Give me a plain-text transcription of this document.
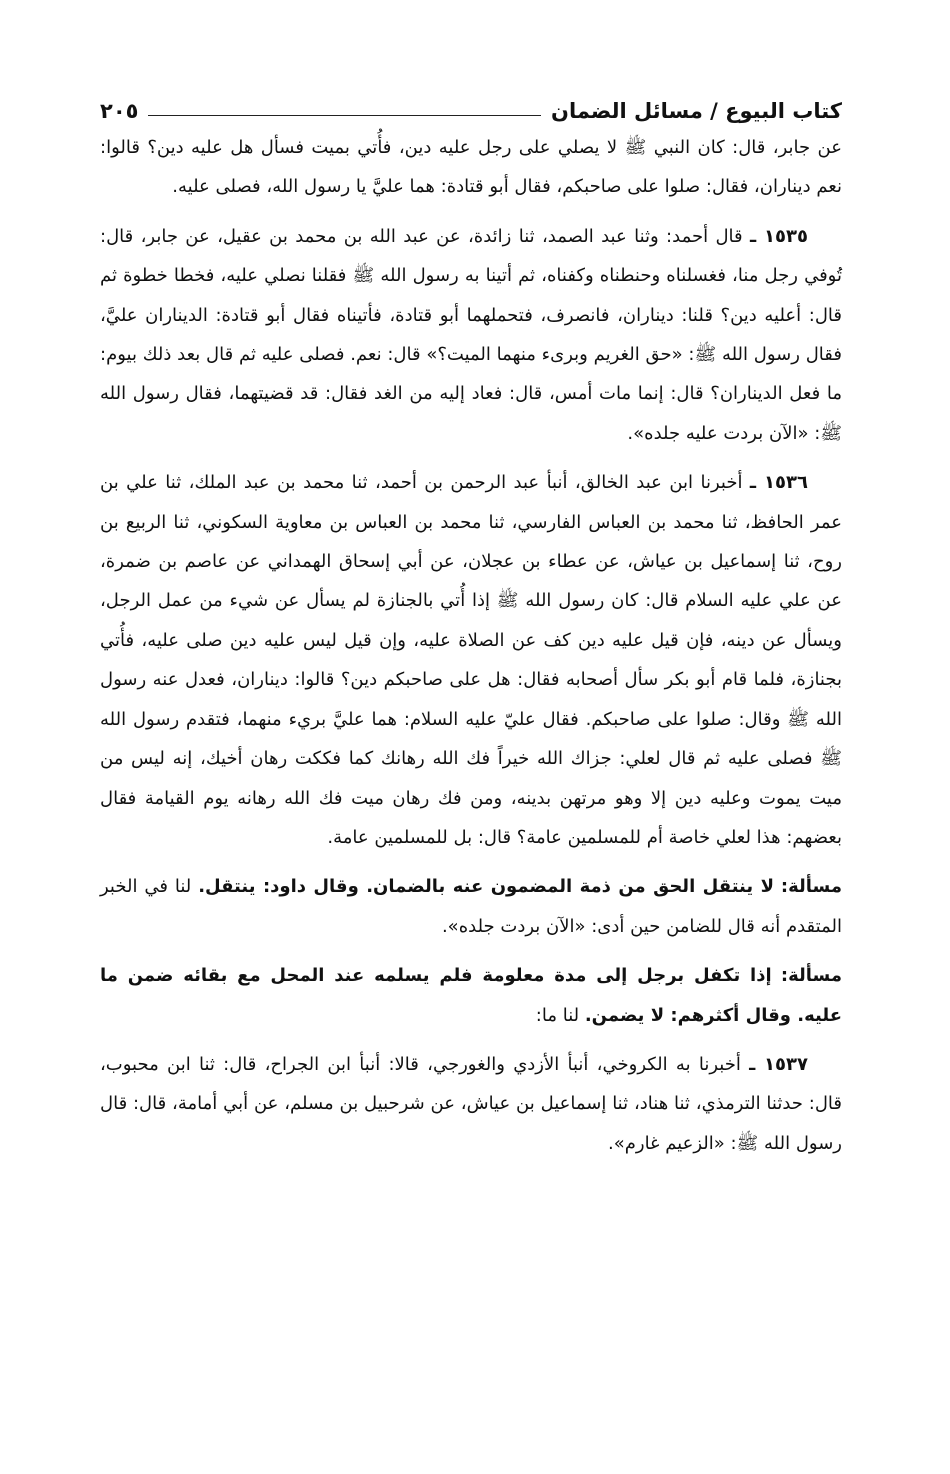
كتاب البيوع / مسائل الضمان
٢٠٥

عن جابر، قال: كان النبي ﷺ لا يصلي على رجل عليه دين، فأُتي بميت فسأل هل عليه دين؟ قالوا: نعم ديناران، فقال: صلوا على صاحبكم، فقال أبو قتادة: هما عليَّ يا رسول الله، فصلى عليه.

١٥٣٥ ـ قال أحمد: وثنا عبد الصمد، ثنا زائدة، عن عبد الله بن محمد بن عقيل، عن جابر، قال: تُوفي رجل منا، فغسلناه وحنطناه وكفناه، ثم أتينا به رسول الله ﷺ فقلنا نصلي عليه، فخطا خطوة ثم قال: أعليه دين؟ قلنا: ديناران، فانصرف، فتحملهما أبو قتادة، فأتيناه فقال أبو قتادة: الديناران عليَّ، فقال رسول الله ﷺ: «حق الغريم وبرىء منهما الميت؟» قال: نعم. فصلى عليه ثم قال بعد ذلك بيوم: ما فعل الديناران؟ قال: إنما مات أمس، قال: فعاد إليه من الغد فقال: قد قضيتهما، فقال رسول الله ﷺ: «الآن بردت عليه جلده».

١٥٣٦ ـ أخبرنا ابن عبد الخالق، أنبأ عبد الرحمن بن أحمد، ثنا محمد بن عبد الملك، ثنا علي بن عمر الحافظ، ثنا محمد بن العباس الفارسي، ثنا محمد بن العباس بن معاوية السكوني، ثنا الربيع بن روح، ثنا إسماعيل بن عياش، عن عطاء بن عجلان، عن أبي إسحاق الهمداني عن عاصم بن ضمرة، عن علي عليه السلام قال: كان رسول الله ﷺ إذا أُتي بالجنازة لم يسأل عن شيء من عمل الرجل، ويسأل عن دينه، فإن قيل عليه دين كف عن الصلاة عليه، وإن قيل ليس عليه دين صلى عليه، فأُتي بجنازة، فلما قام أبو بكر سأل أصحابه فقال: هل على صاحبكم دين؟ قالوا: ديناران، فعدل عنه رسول الله ﷺ وقال: صلوا على صاحبكم. فقال عليّ عليه السلام: هما عليَّ بريء منهما، فتقدم رسول الله ﷺ فصلى عليه ثم قال لعلي: جزاك الله خيراً فك الله رهانك كما فككت رهان أخيك، إنه ليس من ميت يموت وعليه دين إلا وهو مرتهن بدينه، ومن فك رهان ميت فك الله رهانه يوم القيامة فقال بعضهم: هذا لعلي خاصة أم للمسلمين عامة؟ قال: بل للمسلمين عامة.

مسألة: لا ينتقل الحق من ذمة المضمون عنه بالضمان. وقال داود: ينتقل. لنا في الخبر المتقدم أنه قال للضامن حين أدى: «الآن بردت جلده».

مسألة: إذا تكفل برجل إلى مدة معلومة فلم يسلمه عند المحل مع بقائه ضمن ما عليه. وقال أكثرهم: لا يضمن. لنا ما:

١٥٣٧ ـ أخبرنا به الكروخي، أنبأ الأزدي والغورجي، قالا: أنبأ ابن الجراح، قال: ثنا ابن محبوب، قال: حدثنا الترمذي، ثنا هناد، ثنا إسماعيل بن عياش، عن شرحبيل بن مسلم، عن أبي أمامة، قال: قال رسول الله ﷺ: «الزعيم غارم».
